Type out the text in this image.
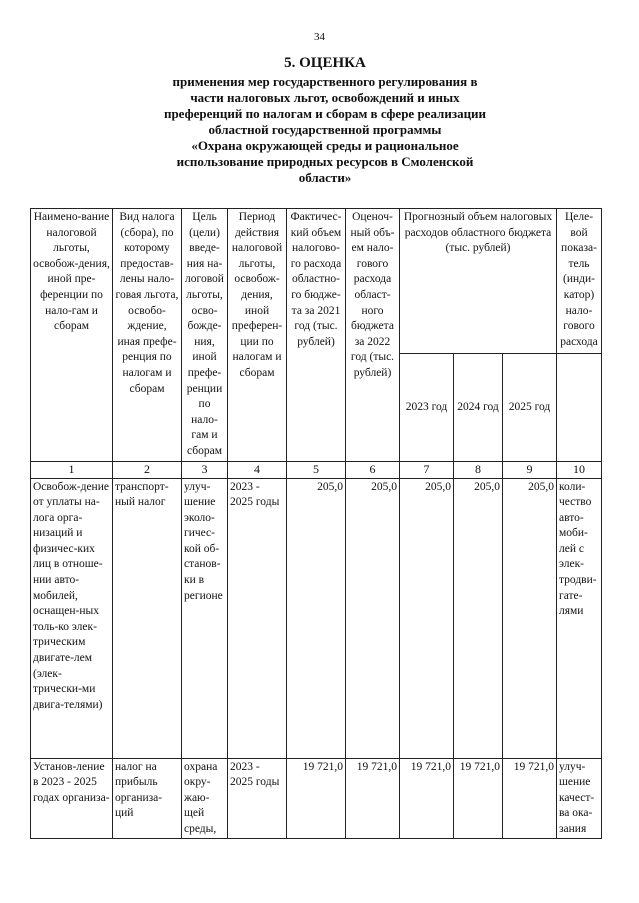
34
5. ОЦЕНКА
применения мер государственного регулирования в
части налоговых льгот, освобождений и иных
преференций по налогам и сборам в сфере реализации
областной государственной программы
«Охрана окружающей среды и рациональное
использование природных ресурсов в Смоленской
области»
Наимено-вание налоговой льготы, освобож-дения, иной пре-ференции по нало-гам и сборам	Вид налога (сбора), по которому предостав-лены нало-говая льгота, освобо-ждение, иная префе-ренция по налогам и сборам	Цель (цели) введе-ния на-логовой льготы, осво-божде-ния, иной префе-ренции по нало-гам и сборам	Период действия налоговой льготы, освобож-дения, иной преферен-ции по налогам и сборам	Фактичес-кий объем налогово-го расхода областно-го бюдже-та за 2021 год (тыс. рублей)	Оценоч-ный объ-ем нало-гового расхода област-ного бюджета за 2022 год (тыс. рублей)	Прогнозный объем налоговых расходов областного бюджета (тыс. рублей)			Целе-вой показа-тель (инди-катор) нало-гового расхода
						2023 год	2024 год	2025 год	
1	2	3	4	5	6	7	8	9	10
Освобож-дение от уплаты на-лога орга-низаций и физичес-ких лиц в отноше-нии авто-мобилей, оснащен-ных толь-ко элек-трическим двигате-лем (элек-трически-ми двига-телями)	транспорт-ный налог	улуч-шение эколо-гичес-кой об-станов-ки в регионе	2023 - 2025 годы	205,0	205,0	205,0	205,0	205,0	коли-чество авто-моби-лей с элек-тродви-гате-лями
Установ-ление в 2023 - 2025 годах организа-	налог на прибыль организа-ций	охрана окру-жаю-щей среды,	2023 - 2025 годы	19 721,0	19 721,0	19 721,0	19 721,0	19 721,0	улуч-шение качест-ва ока-зания
